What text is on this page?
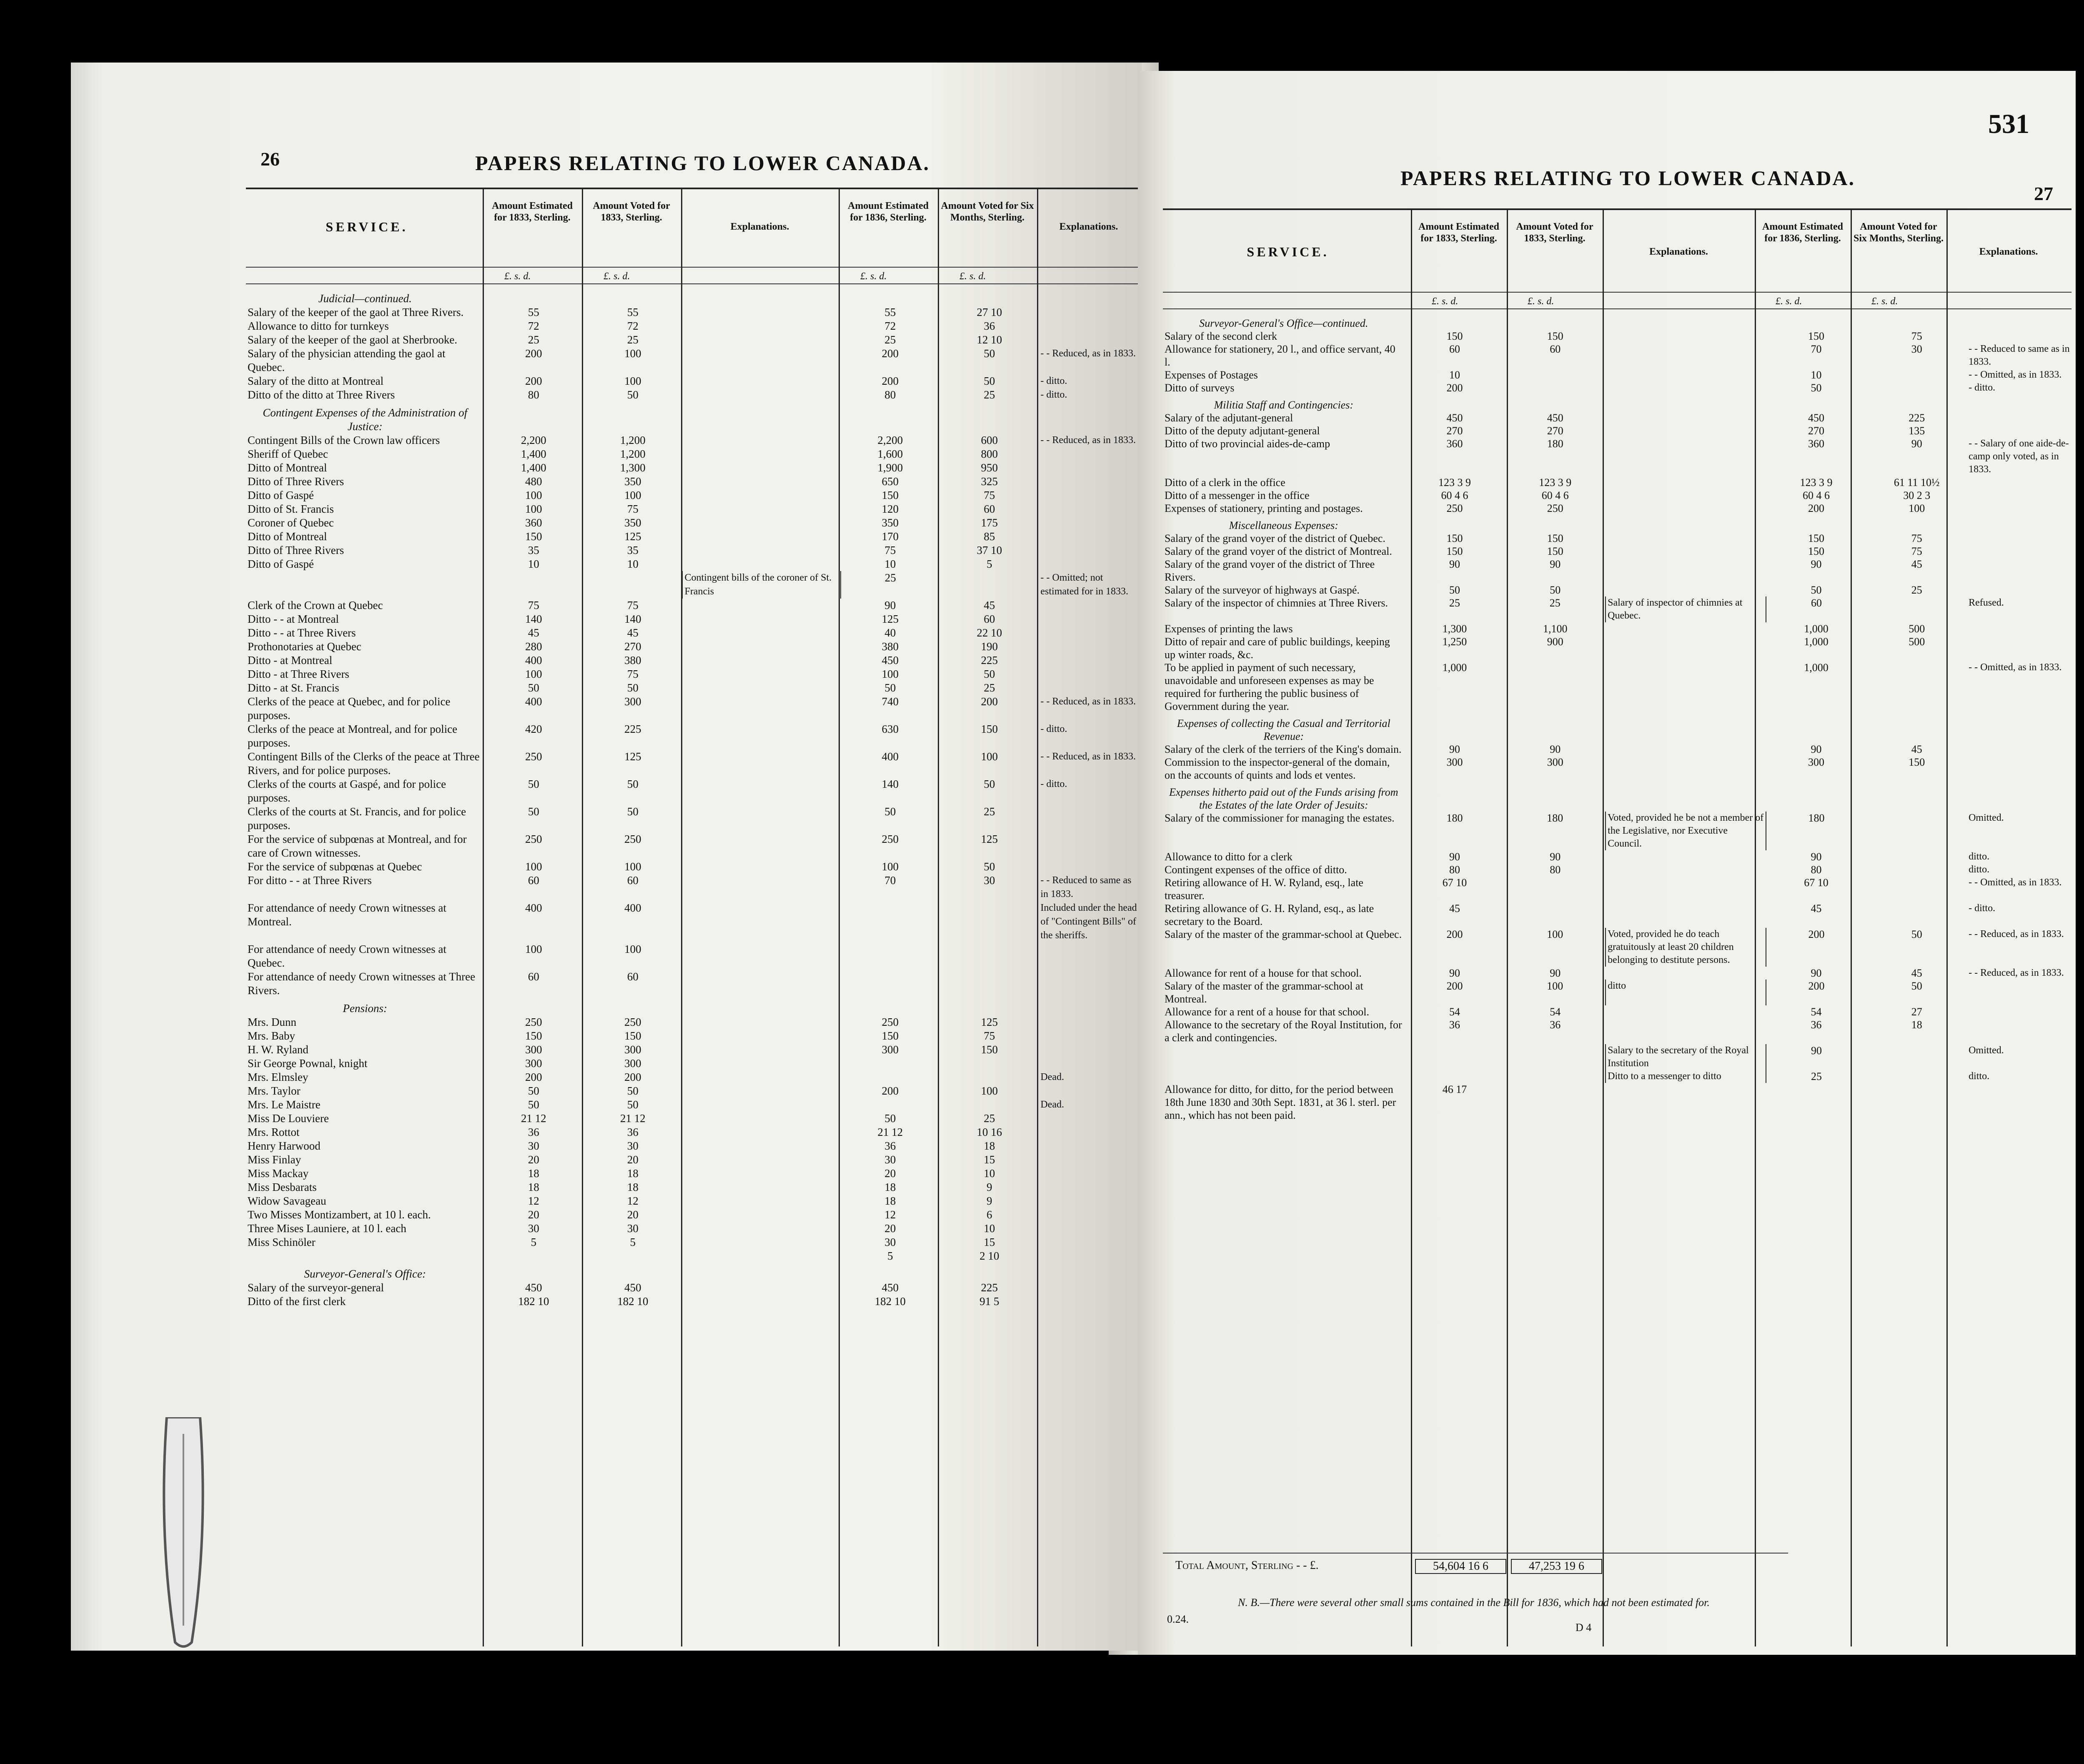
26	PAPERS RELATING TO LOWER CANADA.
SERVICE.
Amount Estimated for 1833, Sterling.
Amount Voted for 1833, Sterling.
Explanations.
Amount Estimated for 1836, Sterling.
Amount Voted for Six Months, Sterling.
Explanations.
£. s. d.	£. s. d.	£. s. d.	£. s. d.
Judicial—continued.						
Salary of the keeper of the gaol at Three Rivers.	55	55		55	27 10	
Allowance to ditto for turnkeys	72	72		72	36	
Salary of the keeper of the gaol at Sherbrooke.	25	25		25	12 10	
Salary of the physician attending the gaol at Quebec.	200	100		200	50	- - Reduced, as in 1833.
Salary of the ditto at Montreal	200	100		200	50	- ditto.
Ditto of the ditto at Three Rivers	80	50		80	25	- ditto.
Contingent Expenses of the Administration of Justice:						
Contingent Bills of the Crown law officers	2,200	1,200		2,200	600	- - Reduced, as in 1833.
Sheriff of Quebec	1,400	1,200		1,600	800	
Ditto of Montreal	1,400	1,300		1,900	950	
Ditto of Three Rivers	480	350		650	325	
Ditto of Gaspé	100	100		150	75	
Ditto of St. Francis	100	75		120	60	
Coroner of Quebec	360	350		350	175	
Ditto of Montreal	150	125		170	85	
Ditto of Three Rivers	35	35		75	37 10	
Ditto of Gaspé	10	10		10	5	
			Contingent bills of the coroner of St. Francis	25		- - Omitted; not estimated for in 1833.
Clerk of the Crown at Quebec	75	75		90	45	
Ditto - - at Montreal	140	140		125	60	
Ditto - - at Three Rivers	45	45		40	22 10	
Prothonotaries at Quebec	280	270		380	190	
Ditto - at Montreal	400	380		450	225	
Ditto - at Three Rivers	100	75		100	50	
Ditto - at St. Francis	50	50		50	25	
Clerks of the peace at Quebec, and for police purposes.	400	300		740	200	- - Reduced, as in 1833.
Clerks of the peace at Montreal, and for police purposes.	420	225		630	150	- ditto.
Contingent Bills of the Clerks of the peace at Three Rivers, and for police purposes.	250	125		400	100	- - Reduced, as in 1833.
Clerks of the courts at Gaspé, and for police purposes.	50	50		140	50	- ditto.
Clerks of the courts at St. Francis, and for police purposes.	50	50		50	25	
For the service of subpœnas at Montreal, and for care of Crown witnesses.	250	250		250	125	
For the service of subpœnas at Quebec	100	100		100	50	
For ditto - - at Three Rivers	60	60		70	30	- - Reduced to same as in 1833.
For attendance of needy Crown witnesses at Montreal.	400	400				Included under the head of "Contingent Bills" of the sheriffs.
For attendance of needy Crown witnesses at Quebec.	100	100				
For attendance of needy Crown witnesses at Three Rivers.	60	60				
Pensions:						
Mrs. Dunn	250	250		250	125	
Mrs. Baby	150	150		150	75	
H. W. Ryland	300	300		300	150	
Sir George Pownal, knight	300	300				
Mrs. Elmsley	200	200				Dead.
Mrs. Taylor	50	50		200	100	
Mrs. Le Maistre	50	50				Dead.
Miss De Louviere	21 12	21 12		50	25	
Mrs. Rottot	36	36		21 12	10 16	
Henry Harwood	30	30		36	18	
Miss Finlay	20	20		30	15	
Miss Mackay	18	18		20	10	
Miss Desbarats	18	18		18	9	
Widow Savageau	12	12		18	9	
Two Misses Montizambert, at 10 l. each.	20	20		12	6	
Three Mises Launiere, at 10 l. each	30	30		20	10	
Miss Schinöler	5	5		30	15	
				5	2 10	
Surveyor-General's Office:						
Salary of the surveyor-general	450	450		450	225	
Ditto of the first clerk	182 10	182 10		182 10	91 5	
531
PAPERS RELATING TO LOWER CANADA.
27
SERVICE.
Amount Estimated for 1833, Sterling.
Amount Voted for 1833, Sterling.
Explanations.
Amount Estimated for 1836, Sterling.
Amount Voted for Six Months, Sterling.
Explanations.
£. s. d.	£. s. d.	£. s. d.	£. s. d.
Surveyor-General's Office—continued.						
Salary of the second clerk	150	150		150	75	
Allowance for stationery, 20 l., and office servant, 40 l.	60	60		70	30	- - Reduced to same as in 1833.
Expenses of Postages	10			10		- - Omitted, as in 1833.
Ditto of surveys	200			50		- ditto.
Militia Staff and Contingencies:						
Salary of the adjutant-general	450	450		450	225	
Ditto of the deputy adjutant-general	270	270		270	135	
Ditto of two provincial aides-de-camp	360	180		360	90	- - Salary of one aide-de-camp only voted, as in 1833.
Ditto of a clerk in the office	123 3 9	123 3 9		123 3 9	61 11 10½	
Ditto of a messenger in the office	60 4 6	60 4 6		60 4 6	30 2 3	
Expenses of stationery, printing and postages.	250	250		200	100	
Miscellaneous Expenses:						
Salary of the grand voyer of the district of Quebec.	150	150		150	75	
Salary of the grand voyer of the district of Montreal.	150	150		150	75	
Salary of the grand voyer of the district of Three Rivers.	90	90		90	45	
Salary of the surveyor of highways at Gaspé.	50	50		50	25	
Salary of the inspector of chimnies at Three Rivers.	25	25	Salary of inspector of chimnies at Quebec.	60		Refused.
Expenses of printing the laws	1,300	1,100		1,000	500	
Ditto of repair and care of public buildings, keeping up winter roads, &c.	1,250	900		1,000	500	
To be applied in payment of such necessary, unavoidable and unforeseen expenses as may be required for furthering the public business of Government during the year.	1,000			1,000		- - Omitted, as in 1833.
Expenses of collecting the Casual and Territorial Revenue:						
Salary of the clerk of the terriers of the King's domain.	90	90		90	45	
Commission to the inspector-general of the domain, on the accounts of quints and lods et ventes.	300	300		300	150	
Expenses hitherto paid out of the Funds arising from the Estates of the late Order of Jesuits:						
Salary of the commissioner for managing the estates.	180	180	Voted, provided he be not a member of the Legislative, nor Executive Council.	180		Omitted.
Allowance to ditto for a clerk	90	90		90		ditto.
Contingent expenses of the office of ditto.	80	80		80		ditto.
Retiring allowance of H. W. Ryland, esq., late treasurer.	67 10			67 10		- - Omitted, as in 1833.
Retiring allowance of G. H. Ryland, esq., as late secretary to the Board.	45			45		- ditto.
Salary of the master of the grammar-school at Quebec.	200	100	Voted, provided he do teach gratuitously at least 20 children belonging to destitute persons.	200	50	- - Reduced, as in 1833.
Allowance for rent of a house for that school.	90	90		90	45	- - Reduced, as in 1833.
Salary of the master of the grammar-school at Montreal.	200	100	ditto	200	50	
Allowance for a rent of a house for that school.	54	54		54	27	
Allowance to the secretary of the Royal Institution, for a clerk and contingencies.	36	36		36	18	
			Salary to the secretary of the Royal Institution	90		Omitted.
			Ditto to a messenger to ditto	25		ditto.
Allowance for ditto, for ditto, for the period between 18th June 1830 and 30th Sept. 1831, at 36 l. sterl. per ann., which has not been paid.	46 17					
Total Amount, Sterling - - £.	54,604 16 6	47,253 19 6
N. B.—There were several other small sums contained in the Bill for 1836, which had not been estimated for.
0.24.
D 4
